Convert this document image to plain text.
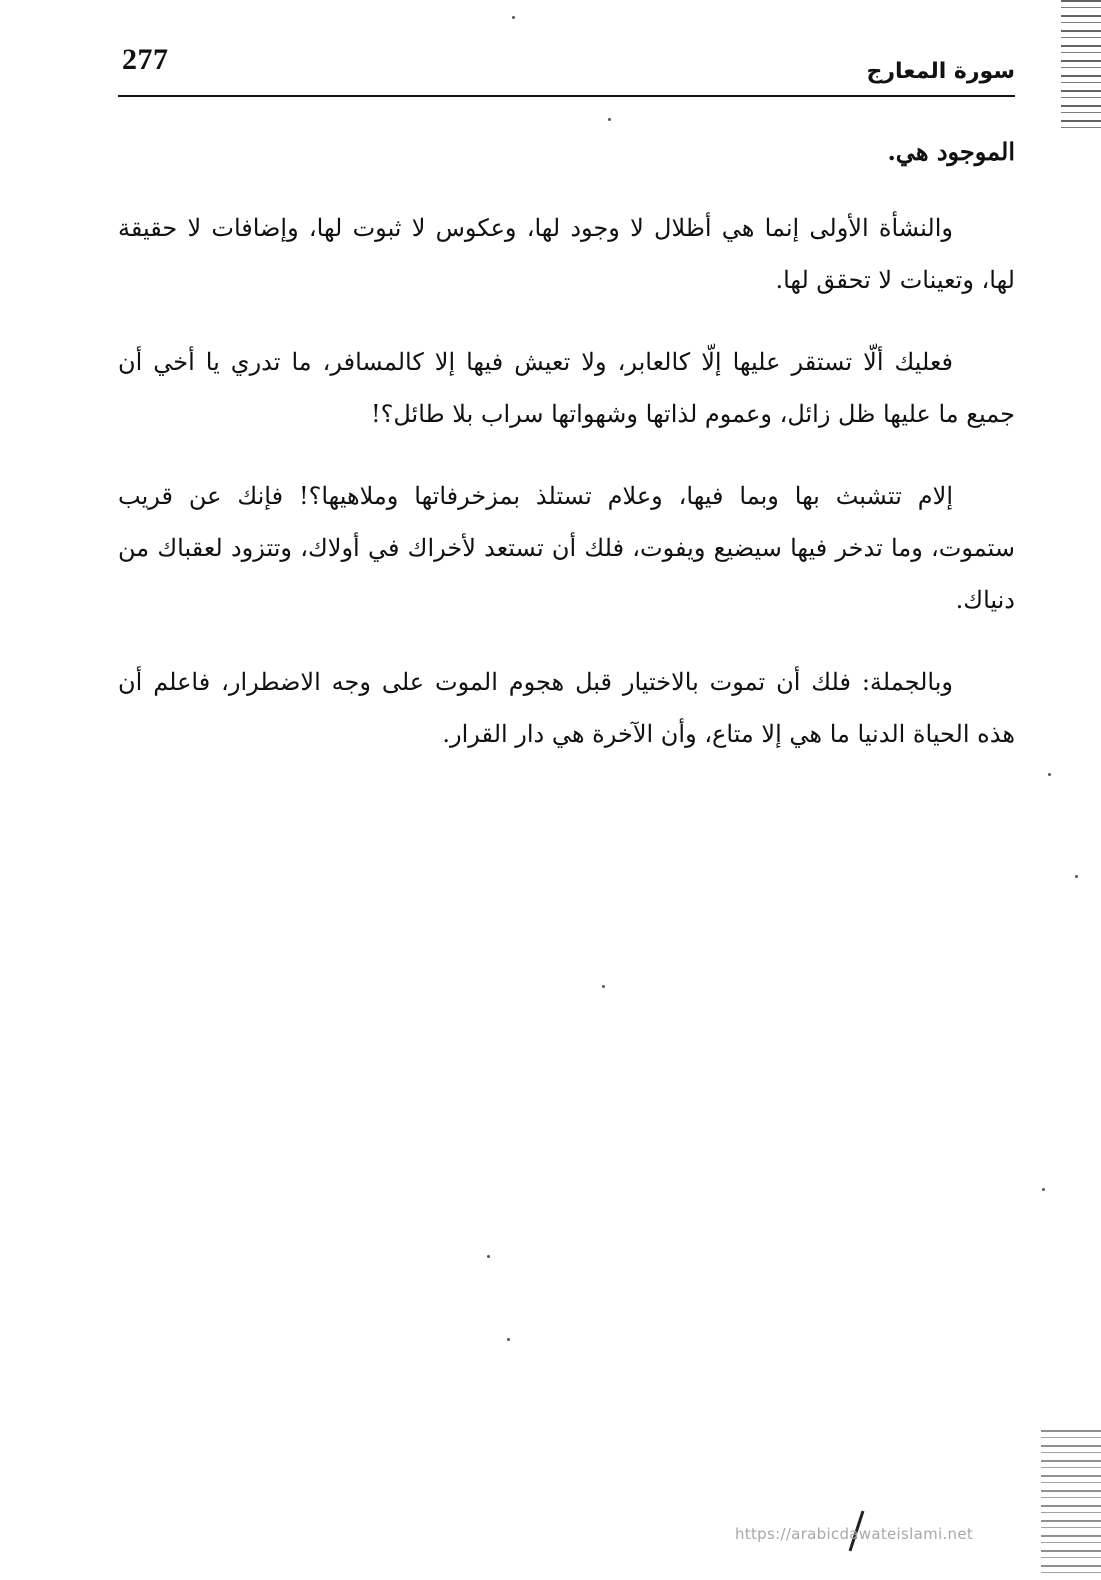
277	سورة المعارج

الموجود هي.

والنشأة الأولى إنما هي أظلال لا وجود لها، وعكوس لا ثبوت لها، وإضافات لا حقيقة لها، وتعينات لا تحقق لها.

فعليك ألّا تستقر عليها إلّا كالعابر، ولا تعيش فيها إلا كالمسافر، ما تدري يا أخي أن جميع ما عليها ظل زائل، وعموم لذاتها وشهواتها سراب بلا طائل؟!

إلام تتشبث بها وبما فيها، وعلام تستلذ بمزخرفاتها وملاهيها؟! فإنك عن قريب ستموت، وما تدخر فيها سيضيع ويفوت، فلك أن تستعد لأخراك في أولاك، وتتزود لعقباك من دنياك.

وبالجملة: فلك أن تموت بالاختيار قبل هجوم الموت على وجه الاضطرار، فاعلم أن هذه الحياة الدنيا ما هي إلا متاع، وأن الآخرة هي دار القرار.

https://arabicdawateislami.net
